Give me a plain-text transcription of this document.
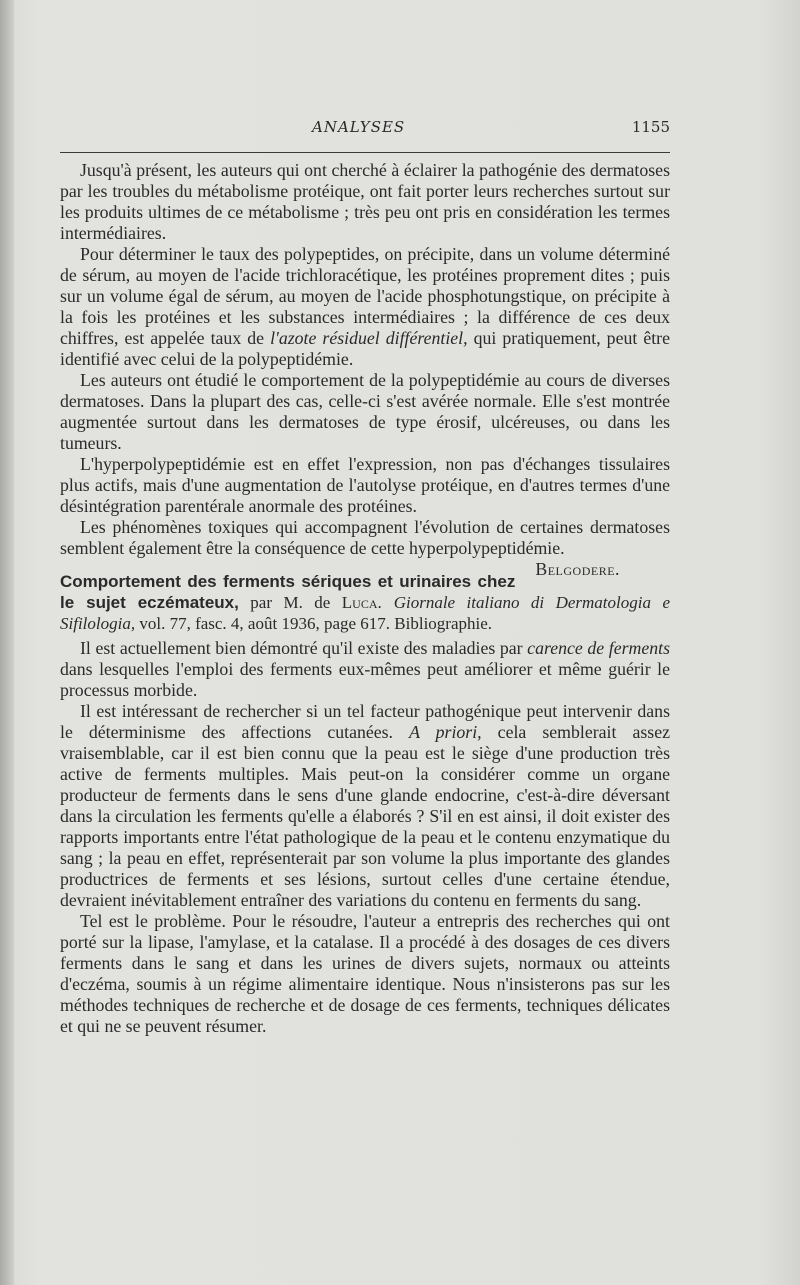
ANALYSES	1155

Jusqu'à présent, les auteurs qui ont cherché à éclairer la pathogénie des dermatoses par les troubles du métabolisme protéique, ont fait porter leurs recherches surtout sur les produits ultimes de ce métabolisme ; très peu ont pris en considération les termes intermédiaires.

Pour déterminer le taux des polypeptides, on précipite, dans un volume déterminé de sérum, au moyen de l'acide trichloracétique, les protéines proprement dites ; puis sur un volume égal de sérum, au moyen de l'acide phosphotungstique, on précipite à la fois les protéines et les substances intermédiaires ; la différence de ces deux chiffres, est appelée taux de l'azote résiduel différentiel, qui pratiquement, peut être identifié avec celui de la polypeptidémie.

Les auteurs ont étudié le comportement de la polypeptidémie au cours de diverses dermatoses. Dans la plupart des cas, celle-ci s'est avérée normale. Elle s'est montrée augmentée surtout dans les dermatoses de type érosif, ulcéreuses, ou dans les tumeurs.

L'hyperpolypeptidémie est en effet l'expression, non pas d'échanges tissulaires plus actifs, mais d'une augmentation de l'autolyse protéique, en d'autres termes d'une désintégration parentérale anormale des protéines.

Les phénomènes toxiques qui accompagnent l'évolution de certaines dermatoses semblent également être la conséquence de cette hyperpolypeptidémie.
Belgodere.

Comportement des ferments sériques et urinaires chez le sujet eczémateux, par M. de Luca. Giornale italiano di Dermatologia e Sifilologia, vol. 77, fasc. 4, août 1936, page 617. Bibliographie.

Il est actuellement bien démontré qu'il existe des maladies par carence de ferments dans lesquelles l'emploi des ferments eux-mêmes peut améliorer et même guérir le processus morbide.

Il est intéressant de rechercher si un tel facteur pathogénique peut intervenir dans le déterminisme des affections cutanées. A priori, cela semblerait assez vraisemblable, car il est bien connu que la peau est le siège d'une production très active de ferments multiples. Mais peut-on la considérer comme un organe producteur de ferments dans le sens d'une glande endocrine, c'est-à-dire déversant dans la circulation les ferments qu'elle a élaborés ? S'il en est ainsi, il doit exister des rapports importants entre l'état pathologique de la peau et le contenu enzymatique du sang ; la peau en effet, représenterait par son volume la plus importante des glandes productrices de ferments et ses lésions, surtout celles d'une certaine étendue, devraient inévitablement entraîner des variations du contenu en ferments du sang.

Tel est le problème. Pour le résoudre, l'auteur a entrepris des recherches qui ont porté sur la lipase, l'amylase, et la catalase. Il a procédé à des dosages de ces divers ferments dans le sang et dans les urines de divers sujets, normaux ou atteints d'eczéma, soumis à un régime alimentaire identique. Nous n'insisterons pas sur les méthodes techniques de recherche et de dosage de ces ferments, techniques délicates et qui ne se peuvent résumer.
